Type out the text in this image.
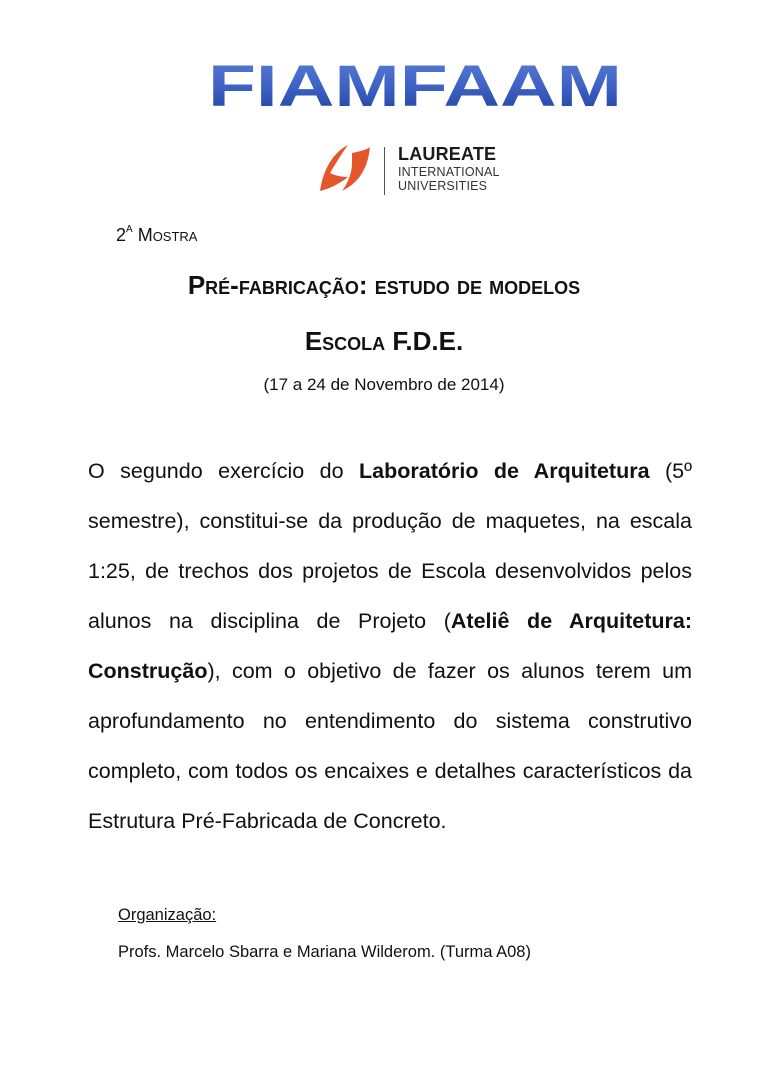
FIAMFAAM
LAUREATE
INTERNATIONAL
UNIVERSITIES
$2^A$ Mostra
Pré-fabricação: estudo de modelos
Escola F.D.E.
(17 a 24 de Novembro de 2014)
O segundo exercício do Laboratório de Arquitetura (5º semestre), constitui-se da produção de maquetes, na escala 1:25, de trechos dos projetos de Escola desenvolvidos pelos alunos na disciplina de Projeto (Ateliê de Arquitetura: Construção), com o objetivo de fazer os alunos terem um aprofundamento no entendimento do sistema construtivo completo, com todos os encaixes e detalhes característicos da Estrutura Pré-Fabricada de Concreto.
Organização:
Profs. Marcelo Sbarra e Mariana Wilderom. (Turma A08)
